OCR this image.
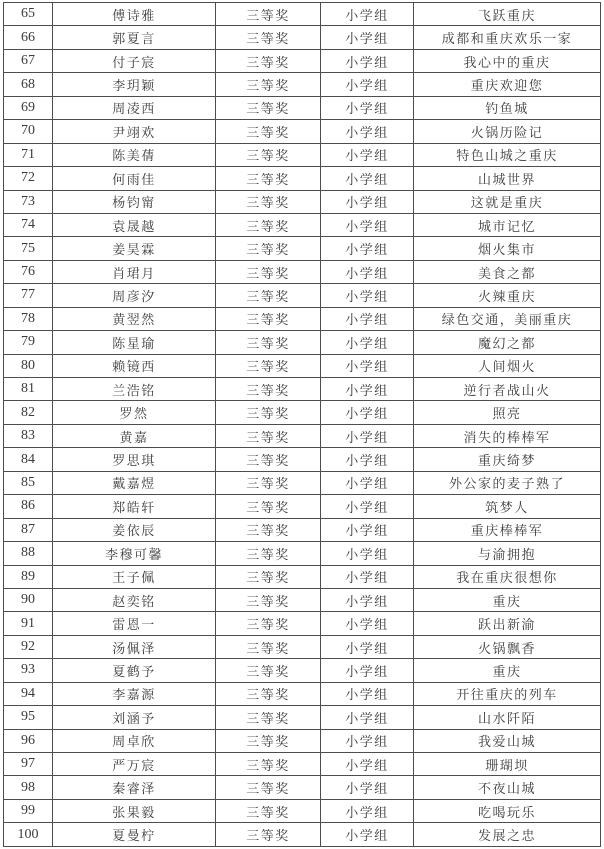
65	傅诗雅	三等奖	小学组	飞跃重庆
66	郭夏言	三等奖	小学组	成都和重庆欢乐一家
67	付子宸	三等奖	小学组	我心中的重庆
68	李玥颖	三等奖	小学组	重庆欢迎您
69	周凌西	三等奖	小学组	钓鱼城
70	尹翊欢	三等奖	小学组	火锅历险记
71	陈美蒨	三等奖	小学组	特色山城之重庆
72	何雨佳	三等奖	小学组	山城世界
73	杨钧甯	三等奖	小学组	这就是重庆
74	袁晟越	三等奖	小学组	城市记忆
75	姜昊霖	三等奖	小学组	烟火集市
76	肖珺月	三等奖	小学组	美食之都
77	周彦汐	三等奖	小学组	火辣重庆
78	黄翌然	三等奖	小学组	绿色交通，美丽重庆
79	陈星瑜	三等奖	小学组	魔幻之都
80	赖镜西	三等奖	小学组	人间烟火
81	兰浩铭	三等奖	小学组	逆行者战山火
82	罗然	三等奖	小学组	照亮
83	黄嘉	三等奖	小学组	消失的棒棒军
84	罗思琪	三等奖	小学组	重庆绮梦
85	戴嘉煜	三等奖	小学组	外公家的麦子熟了
86	郑皓轩	三等奖	小学组	筑梦人
87	姜依辰	三等奖	小学组	重庆棒棒军
88	李穆可馨	三等奖	小学组	与渝拥抱
89	王子佩	三等奖	小学组	我在重庆很想你
90	赵奕铭	三等奖	小学组	重庆
91	雷恩一	三等奖	小学组	跃出新渝
92	汤佩泽	三等奖	小学组	火锅飘香
93	夏鹤予	三等奖	小学组	重庆
94	李嘉源	三等奖	小学组	开往重庆的列车
95	刘涵予	三等奖	小学组	山水阡陌
96	周卓欣	三等奖	小学组	我爱山城
97	严万宸	三等奖	小学组	珊瑚坝
98	秦睿泽	三等奖	小学组	不夜山城
99	张果毅	三等奖	小学组	吃喝玩乐
100	夏曼柠	三等奖	小学组	发展之忠
